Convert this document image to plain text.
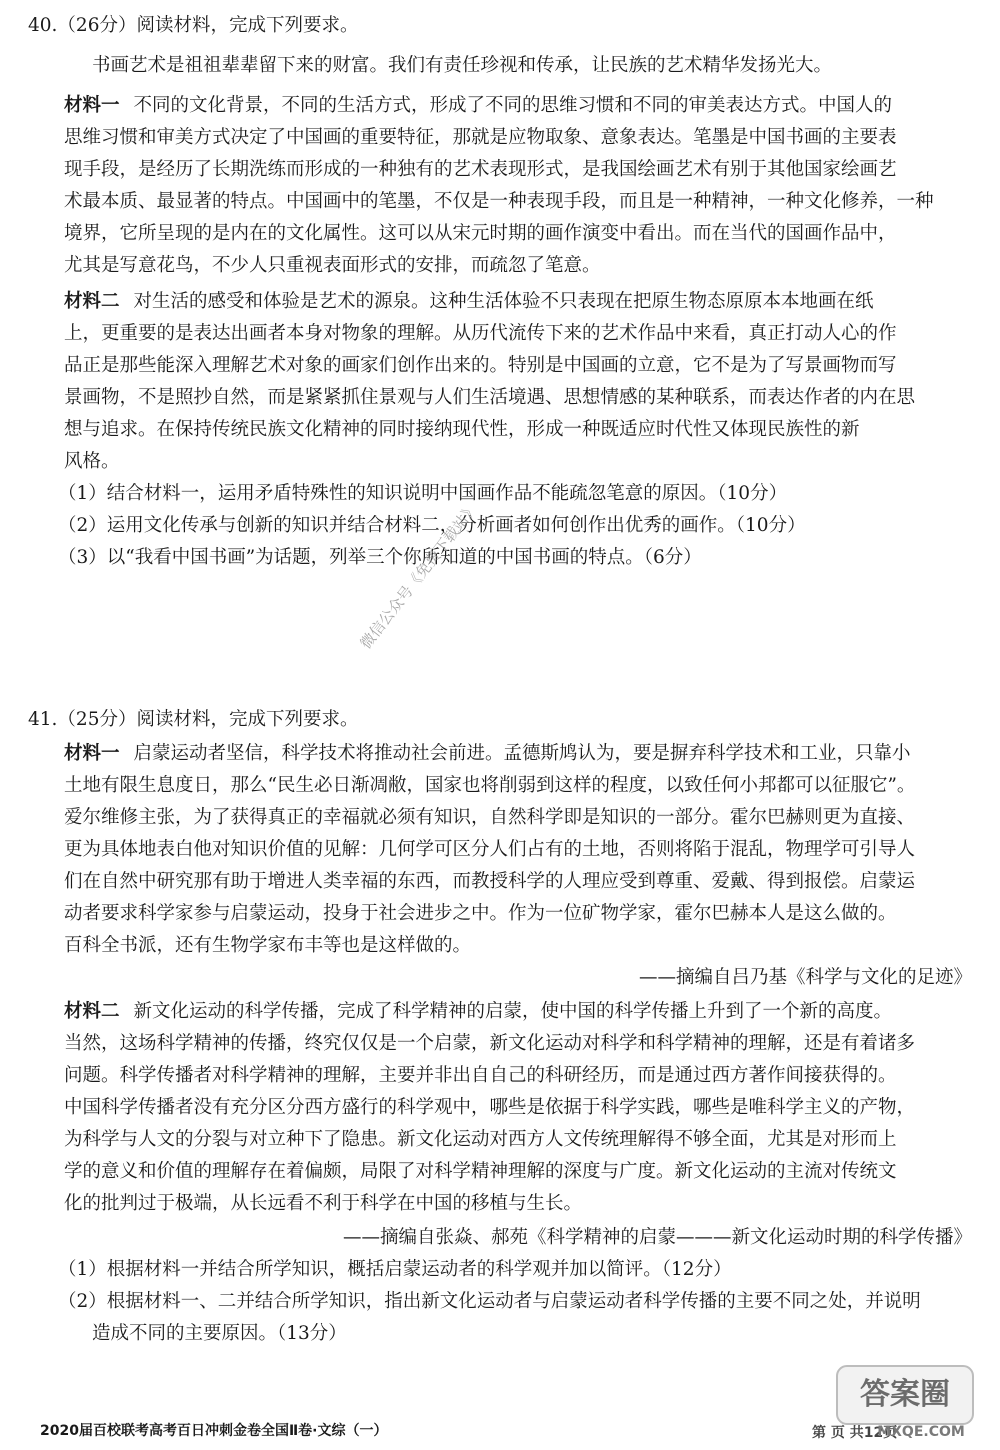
40.（26分）阅读材料，完成下列要求。
书画艺术是祖祖辈辈留下来的财富。我们有责任珍视和传承，让民族的艺术精华发扬光大。
材料一 不同的文化背景，不同的生活方式，形成了不同的思维习惯和不同的审美表达方式。中国人的
思维习惯和审美方式决定了中国画的重要特征，那就是应物取象、意象表达。笔墨是中国书画的主要表
现手段，是经历了长期洗练而形成的一种独有的艺术表现形式，是我国绘画艺术有别于其他国家绘画艺
术最本质、最显著的特点。中国画中的笔墨，不仅是一种表现手段，而且是一种精神，一种文化修养，一种
境界，它所呈现的是内在的文化属性。这可以从宋元时期的画作演变中看出。而在当代的国画作品中，
尤其是写意花鸟，不少人只重视表面形式的安排，而疏忽了笔意。
材料二 对生活的感受和体验是艺术的源泉。这种生活体验不只表现在把原生物态原原本本地画在纸
上，更重要的是表达出画者本身对物象的理解。从历代流传下来的艺术作品中来看，真正打动人心的作
品正是那些能深入理解艺术对象的画家们创作出来的。特别是中国画的立意，它不是为了写景画物而写
景画物，不是照抄自然，而是紧紧抓住景观与人们生活境遇、思想情感的某种联系，而表达作者的内在思
想与追求。在保持传统民族文化精神的同时接纳现代性，形成一种既适应时代性又体现民族性的新
风格。
（1）结合材料一，运用矛盾特殊性的知识说明中国画作品不能疏忽笔意的原因。（10分）
（2）运用文化传承与创新的知识并结合材料二，分析画者如何创作出优秀的画作。（10分）
（3）以“我看中国书画”为话题，列举三个你所知道的中国书画的特点。（6分）
微信公众号《免费下载站》
41.（25分）阅读材料，完成下列要求。
材料一 启蒙运动者坚信，科学技术将推动社会前进。孟德斯鸠认为，要是摒弃科学技术和工业，只靠小
土地有限生息度日，那么“民生必日渐凋敝，国家也将削弱到这样的程度，以致任何小邦都可以征服它”。
爱尔维修主张，为了获得真正的幸福就必须有知识，自然科学即是知识的一部分。霍尔巴赫则更为直接、
更为具体地表白他对知识价值的见解：几何学可区分人们占有的土地，否则将陷于混乱，物理学可引导人
们在自然中研究那有助于增进人类幸福的东西，而教授科学的人理应受到尊重、爱戴、得到报偿。启蒙运
动者要求科学家参与启蒙运动，投身于社会进步之中。作为一位矿物学家，霍尔巴赫本人是这么做的。
百科全书派，还有生物学家布丰等也是这样做的。
——摘编自吕乃基《科学与文化的足迹》
材料二 新文化运动的科学传播，完成了科学精神的启蒙，使中国的科学传播上升到了一个新的高度。
当然，这场科学精神的传播，终究仅仅是一个启蒙，新文化运动对科学和科学精神的理解，还是有着诸多
问题。科学传播者对科学精神的理解，主要并非出自自己的科研经历，而是通过西方著作间接获得的。
中国科学传播者没有充分区分西方盛行的科学观中，哪些是依据于科学实践，哪些是唯科学主义的产物，
为科学与人文的分裂与对立种下了隐患。新文化运动对西方人文传统理解得不够全面，尤其是对形而上
学的意义和价值的理解存在着偏颇，局限了对科学精神理解的深度与广度。新文化运动的主流对传统文
化的批判过于极端，从长远看不利于科学在中国的移植与生长。
——摘编自张焱、郝苑《科学精神的启蒙———新文化运动时期的科学传播》
（1）根据材料一并结合所学知识，概括启蒙运动者的科学观并加以简评。（12分）
（2）根据材料一、二并结合所学知识，指出新文化运动者与启蒙运动者科学传播的主要不同之处，并说明
造成不同的主要原因。（13分）
2020届百校联考高考百日冲刺金卷全国Ⅱ卷·文综（一）	第 页 共12页
答案圈
MXQE.COM
